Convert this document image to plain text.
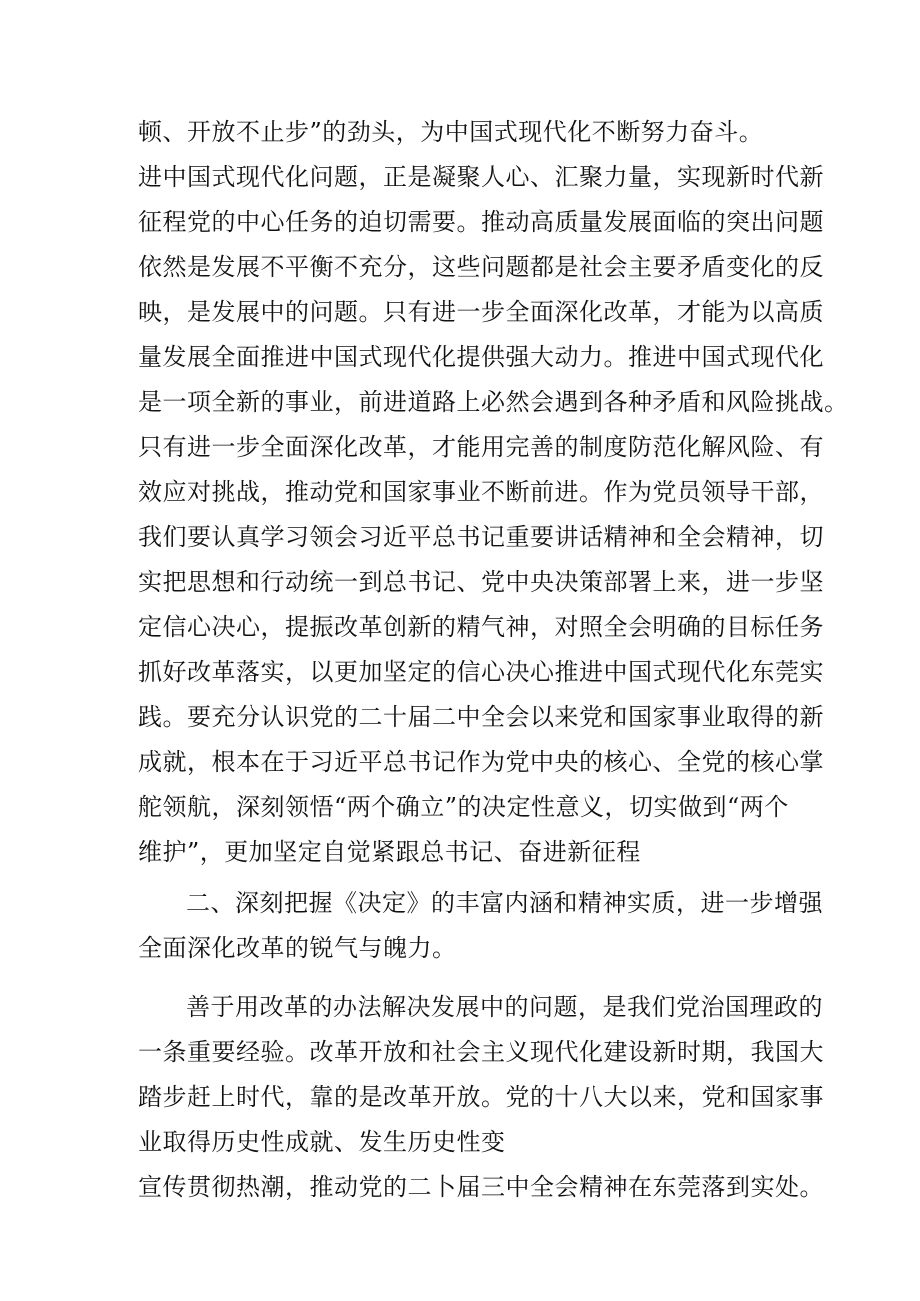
顿、开放不止步”的劲头，为中国式现代化不断努力奋斗。
进中国式现代化问题，正是凝聚人心、汇聚力量，实现新时代新
征程党的中心任务的迫切需要。推动高质量发展面临的突出问题
依然是发展不平衡不充分，这些问题都是社会主要矛盾变化的反
映，是发展中的问题。只有进一步全面深化改革，才能为以高质
量发展全面推进中国式现代化提供强大动力。推进中国式现代化
是一项全新的事业，前进道路上必然会遇到各种矛盾和风险挑战。
只有进一步全面深化改革，才能用完善的制度防范化解风险、有
效应对挑战，推动党和国家事业不断前进。作为党员领导干部，
我们要认真学习领会习近平总书记重要讲话精神和全会精神，切
实把思想和行动统一到总书记、党中央决策部署上来，进一步坚
定信心决心，提振改革创新的精气神，对照全会明确的目标任务
抓好改革落实，以更加坚定的信心决心推进中国式现代化东莞实
践。要充分认识党的二十届二中全会以来党和国家事业取得的新
成就，根本在于习近平总书记作为党中央的核心、全党的核心掌
舵领航，深刻领悟“两个确立”的决定性意义，切实做到“两个
维护”，更加坚定自觉紧跟总书记、奋进新征程
二、深刻把握《决定》的丰富内涵和精神实质，进一步增强
全面深化改革的锐气与魄力。
善于用改革的办法解决发展中的问题，是我们党治国理政的
一条重要经验。改革开放和社会主义现代化建设新时期，我国大
踏步赶上时代，靠的是改革开放。党的十八大以来，党和国家事
业取得历史性成就、发生历史性变
宣传贯彻热潮，推动党的二卜届三中全会精神在东莞落到实处。
